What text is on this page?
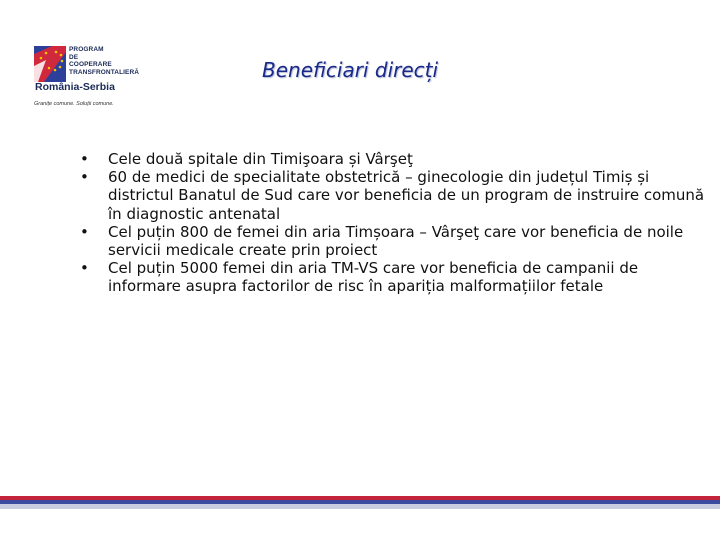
PROGRAM
DE
COOPERARE
TRANSFRONTALIERĂ
România-Serbia
Granițe comune. Soluții comune.
Beneficiari direcți
• Cele două spitale din Timişoara și Vârşeţ
• 60 de medici de specialitate obstetrică – ginecologie din județul Timiș și districtul Banatul de Sud care vor beneficia de un program de instruire comună în diagnostic antenatal
• Cel puțin 800 de femei din aria Timșoara – Vârşeţ care vor beneficia de noile servicii medicale create prin proiect
• Cel puțin 5000 femei din aria TM-VS care vor beneficia de campanii de informare asupra factorilor de risc în apariția malformațiilor fetale
